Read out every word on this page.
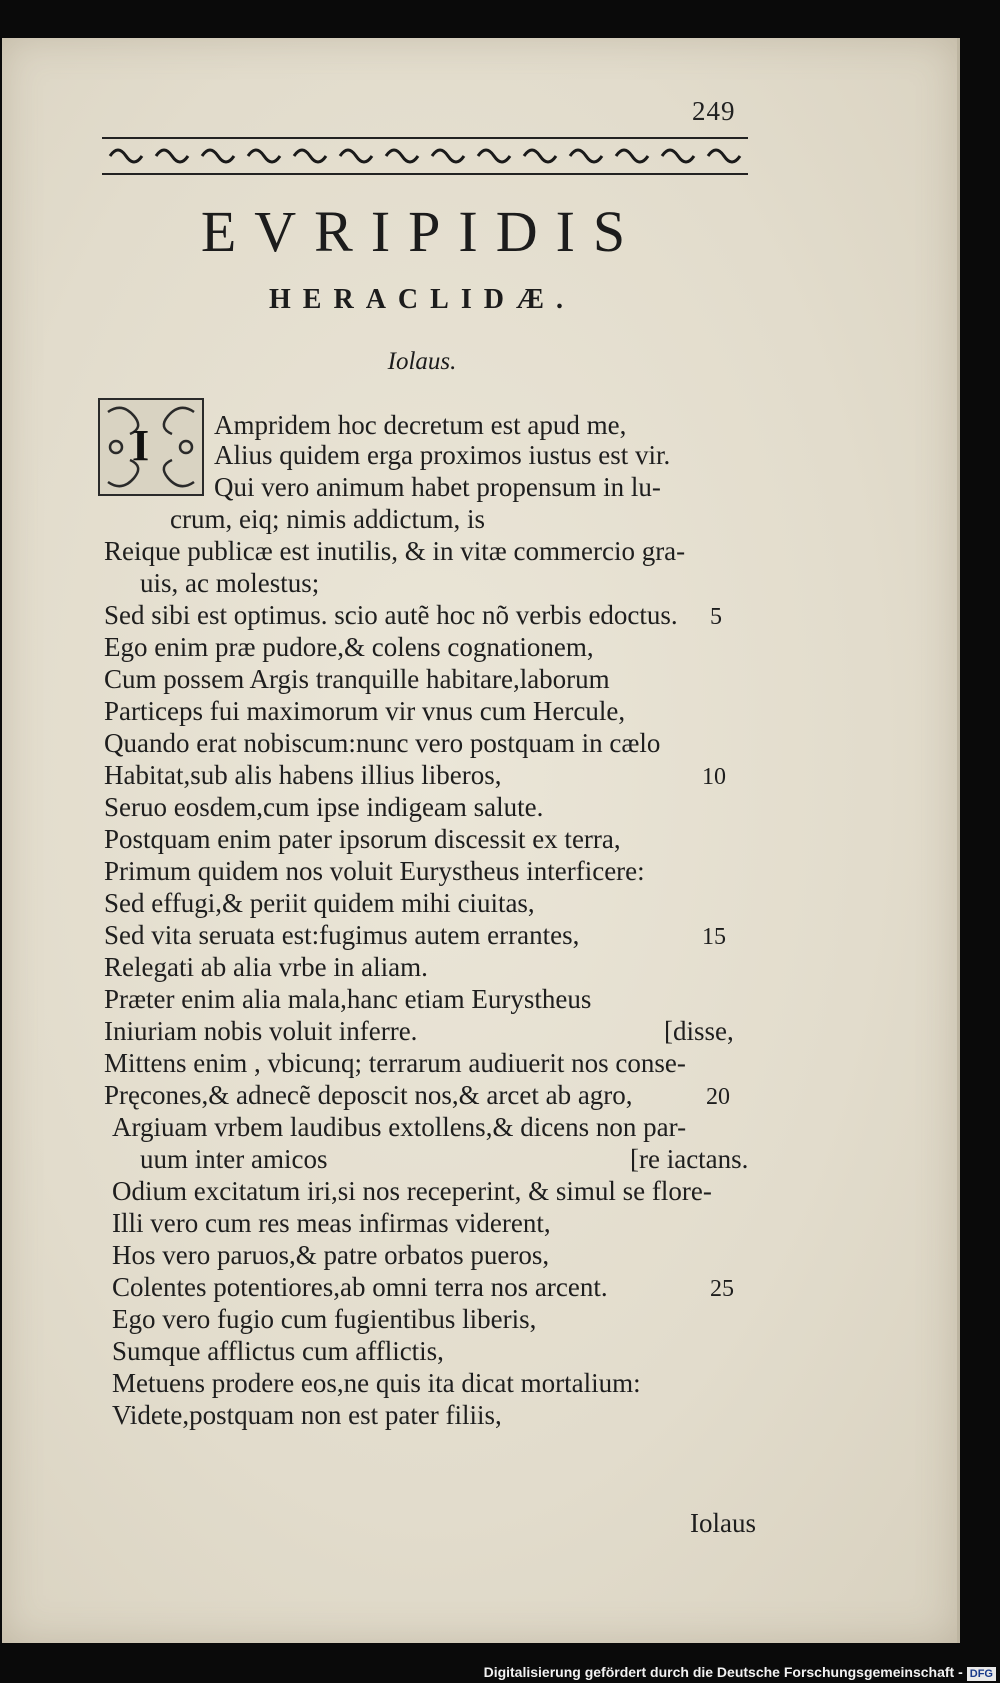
249
EVRIPIDIS
HERACLIDÆ.
Iolaus.
I Ampridem hoc decretum est apud me,
Alius quidem erga proximos iustus est vir.
Qui vero animum habet propensum in lu-
crum, eiq; nimis addictum, is
Reique publicæ est inutilis, & in vitæ commercio gra-
uis, ac molestus;
Sed sibi est optimus. scio autẽ hoc nõ verbis edoctus.
Ego enim præ pudore,& colens cognationem,
Cum possem Argis tranquille habitare,laborum
Particeps fui maximorum vir vnus cum Hercule,
Quando erat nobiscum:nunc vero postquam in cælo
Habitat,sub alis habens illius liberos,
Seruo eosdem,cum ipse indigeam salute.
Postquam enim pater ipsorum discessit ex terra,
Primum quidem nos voluit Eurystheus interficere:
Sed effugi,& periit quidem mihi ciuitas,
Sed vita seruata est:fugimus autem errantes,
Relegati ab alia vrbe in aliam.
Præter enim alia mala,hanc etiam Eurystheus
Iniuriam nobis voluit inferre.
Mittens enim , vbicunq; terrarum audiuerit nos conse-
Pręcones,& adnecẽ deposcit nos,& arcet ab agro,
Argiuam vrbem laudibus extollens,& dicens non par-
uum inter amicos
Odium excitatum iri,si nos receperint, & simul se flore-
Illi vero cum res meas infirmas viderent,
Hos vero paruos,& patre orbatos pueros,
Colentes potentiores,ab omni terra nos arcent.
Ego vero fugio cum fugientibus liberis,
Sumque afflictus cum afflictis,
Metuens prodere eos,ne quis ita dicat mortalium:
Videte,postquam non est pater filiis,
[disse,
[re iactans.
5
10
15
20
25
Iolaus
Digitalisierung gefördert durch die Deutsche Forschungsgemeinschaft - DFG
